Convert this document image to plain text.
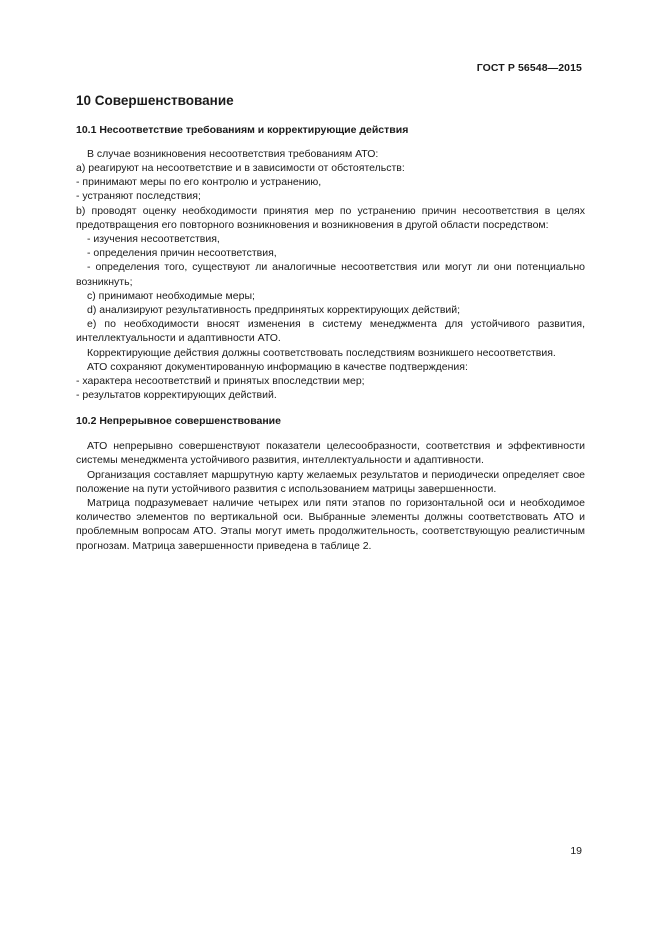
ГОСТ Р 56548—2015
10 Совершенствование
10.1 Несоответствие требованиям и корректирующие действия

В случае возникновения несоответствия требованиям АТО:

а) реагируют на несоответствие и в зависимости от обстоятельств:

- принимают меры по его контролю и устранению,

- устраняют последствия;

b) проводят оценку необходимости принятия мер по устранению причин несоответствия в целях предотвращения его повторного возникновения и возникновения в другой области посредством:

- изучения несоответствия,

- определения причин несоответствия,

- определения того, существуют ли аналогичные несоответствия или могут ли они потенциально возникнуть;

с) принимают необходимые меры;

d) анализируют результативность предпринятых корректирующих действий;

е) по необходимости вносят изменения в систему менеджмента для устойчивого развития, интеллектуальности и адаптивности АТО.

Корректирующие действия должны соответствовать последствиям возникшего несоответствия.

АТО сохраняют документированную информацию в качестве подтверждения:

- характера несоответствий и принятых впоследствии мер;

- результатов корректирующих действий.

10.2 Непрерывное совершенствование

АТО непрерывно совершенствуют показатели целесообразности, соответствия и эффективности системы менеджмента устойчивого развития, интеллектуальности и адаптивности.

Организация составляет маршрутную карту желаемых результатов и периодически определяет свое положение на пути устойчивого развития с использованием матрицы завершенности.

Матрица подразумевает наличие четырех или пяти этапов по горизонтальной оси и необходимое количество элементов по вертикальной оси. Выбранные элементы должны соответствовать АТО и проблемным вопросам АТО. Этапы могут иметь продолжительность, соответствующую реалистичным прогнозам. Матрица завершенности приведена в таблице 2.

19
